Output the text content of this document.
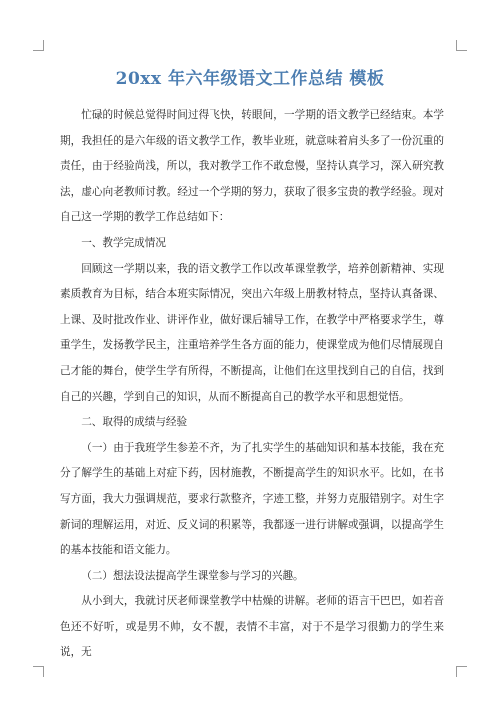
20xx 年六年级语文工作总结 模板

忙碌的时候总觉得时间过得飞快，转眼间，一学期的语文教学已经结束。本学期，我担任的是六年级的语文教学工作，教毕业班，就意味着肩头多了一份沉重的责任，由于经验尚浅，所以，我对教学工作不敢怠慢，坚持认真学习，深入研究教法，虚心向老教师讨教。经过一个学期的努力，获取了很多宝贵的教学经验。现对自己这一学期的教学工作总结如下：

一、教学完成情况

回顾这一学期以来，我的语文教学工作以改革课堂教学，培养创新精神、实现素质教育为目标，结合本班实际情况，突出六年级上册教材特点，坚持认真备课、上课、及时批改作业、讲评作业，做好课后辅导工作，在教学中严格要求学生，尊重学生，发扬教学民主，注重培养学生各方面的能力，使课堂成为他们尽情展现自己才能的舞台，使学生学有所得，不断提高，让他们在这里找到自己的自信，找到自己的兴趣，学到自己的知识，从而不断提高自己的教学水平和思想觉悟。

二、取得的成绩与经验

（一）由于我班学生参差不齐，为了扎实学生的基础知识和基本技能，我在充分了解学生的基础上对症下药，因材施教，不断提高学生的知识水平。比如，在书写方面，我大力强调规范，要求行款整齐，字迹工整，并努力克服错别字。对生字新词的理解运用，对近、反义词的积累等，我都逐一进行讲解或强调，以提高学生的基本技能和语文能力。

（二）想法设法提高学生课堂参与学习的兴趣。

从小到大，我就讨厌老师课堂教学中枯燥的讲解。老师的语言干巴巴，如若音色还不好听，或是男不帅，女不靓，表情不丰富，对于不是学习很勤力的学生来说，无
